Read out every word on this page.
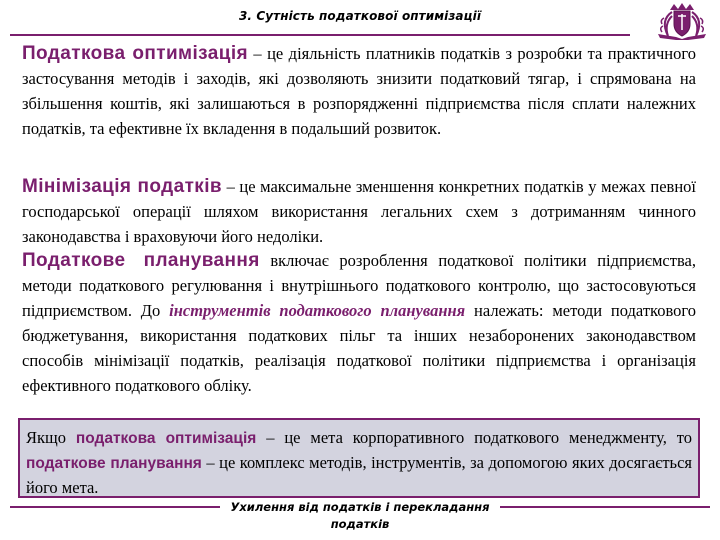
3. Сутність податкової оптимізації
Податкова оптимізація – це діяльність платників податків з розробки та практичного застосування методів і заходів, які дозволяють знизити податковий тягар, і спрямована на збільшення коштів, які залишаються в розпорядженні підприємства після сплати належних податків, та ефективне їх вкладення в подальший розвиток.
Мінімізація податків – це максимальне зменшення конкретних податків у межах певної господарської операції шляхом використання легальних схем з дотриманням чинного законодавства і враховуючи його недоліки.
Податкове планування включає розроблення податкової політики підприємства, методи податкового регулювання і внутрішнього податкового контролю, що застосовуються підприємством. До інструментів податкового планування належать: методи податкового бюджетування, використання податкових пільг та інших незаборонених законодавством способів мінімізації податків, реалізація податкової політики підприємства і організація ефективного податкового обліку.
Якщо податкова оптимізація – це мета корпоративного податкового менеджменту, то податкове планування – це комплекс методів, інструментів, за допомогою яких досягається його мета.
Ухилення від податків і перекладання податків
